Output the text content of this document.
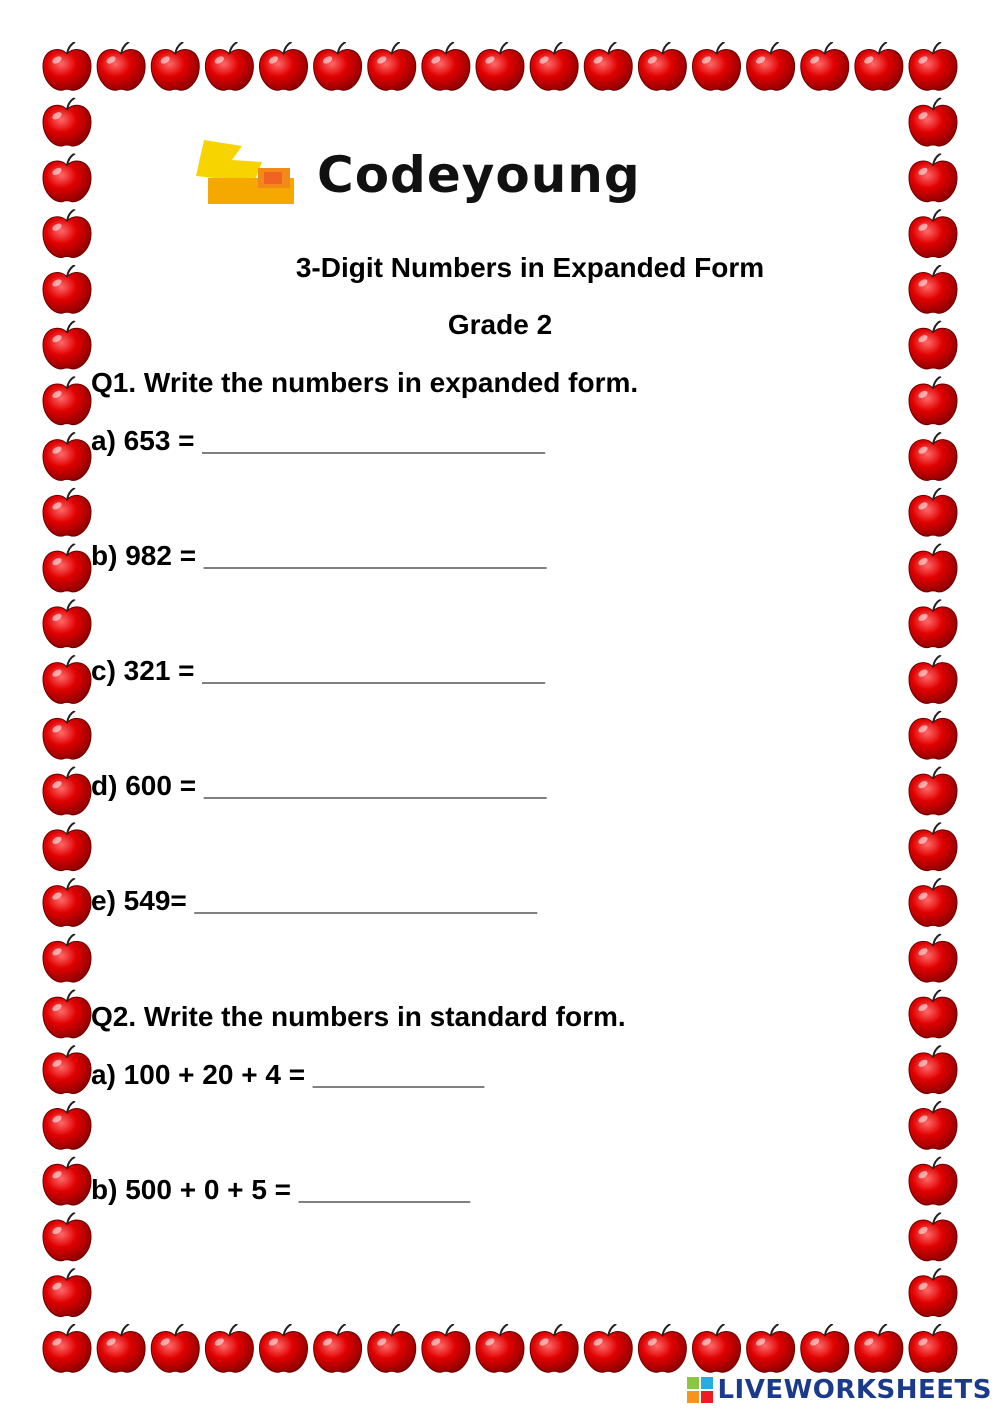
Codeyoung
3-Digit Numbers in Expanded Form
Grade 2
Q1. Write the numbers in expanded form.
a) 653 = ______________________
b) 982 = ______________________
c) 321 = ______________________
d) 600 = ______________________
e) 549= ______________________
Q2. Write the numbers in standard form.
a) 100 + 20 + 4 = ___________
b) 500 + 0 + 5 = ___________
LIVEWORKSHEETS
